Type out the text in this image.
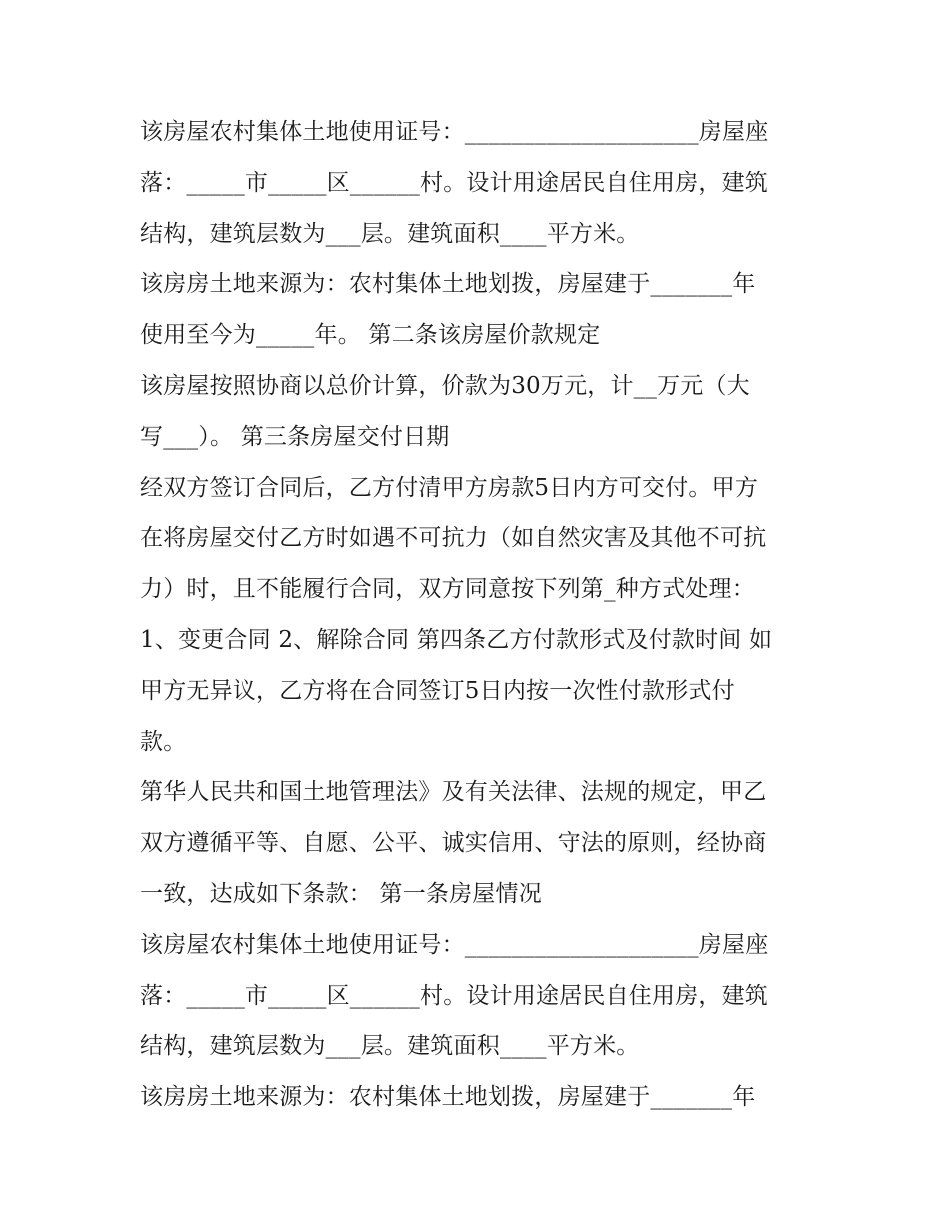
该房屋农村集体土地使用证号：____________________房屋座
落：_____市_____区______村。设计用途居民自住用房，建筑
结构，建筑层数为___层。建筑面积____平方米。
该房房土地来源为：农村集体土地划拨，房屋建于_______年
使用至今为_____年。 第二条该房屋价款规定
该房屋按照协商以总价计算，价款为30万元，计__万元（大
写___）。 第三条房屋交付日期
经双方签订合同后，乙方付清甲方房款5日内方可交付。甲方
在将房屋交付乙方时如遇不可抗力（如自然灾害及其他不可抗
力）时，且不能履行合同，双方同意按下列第_种方式处理：
1、变更合同 2、解除合同 第四条乙方付款形式及付款时间 如
甲方无异议，乙方将在合同签订5日内按一次性付款形式付
款。
第华人民共和国土地管理法》及有关法律、法规的规定，甲乙
双方遵循平等、自愿、公平、诚实信用、守法的原则，经协商
一致，达成如下条款： 第一条房屋情况
该房屋农村集体土地使用证号：____________________房屋座
落：_____市_____区______村。设计用途居民自住用房，建筑
结构，建筑层数为___层。建筑面积____平方米。
该房房土地来源为：农村集体土地划拨，房屋建于_______年
